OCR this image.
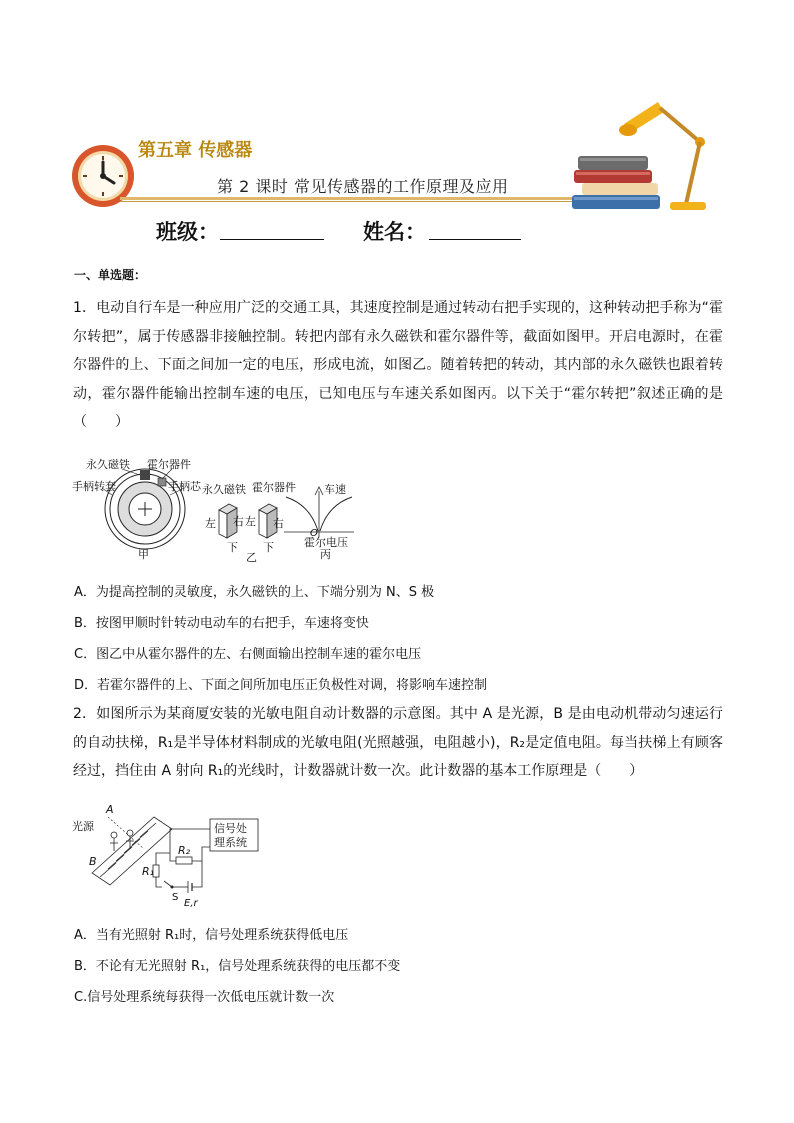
第五章 传感器
第 2 课时 常见传感器的工作原理及应用
班级：	姓名：
一、单选题：
1．电动自行车是一种应用广泛的交通工具，其速度控制是通过转动右把手实现的，这种转动把手称为“霍尔转把”，属于传感器非接触控制。转把内部有永久磁铁和霍尔器件等，截面如图甲。开启电源时，在霍尔器件的上、下面之间加一定的电压，形成电流，如图乙。随着转把的转动，其内部的永久磁铁也跟着转动，霍尔器件能输出控制车速的电压，已知电压与车速关系如图丙。以下关于“霍尔转把”叙述正确的是（　　）
永久磁铁 霍尔器件
手柄转套	手柄芯
甲
永久磁铁 霍尔器件
左 右 左 右
下 下
乙
车速
O
霍尔电压
丙
A．为提高控制的灵敏度，永久磁铁的上、下端分别为 N、S 极
B．按图甲顺时针转动电动车的右把手，车速将变快
C．图乙中从霍尔器件的左、右侧面输出控制车速的霍尔电压
D．若霍尔器件的上、下面之间所加电压正负极性对调，将影响车速控制
2．如图所示为某商厦安装的光敏电阻自动计数器的示意图。其中 A 是光源，B 是由电动机带动匀速运行的自动扶梯，R₁是半导体材料制成的光敏电阻(光照越强，电阻越小)，R₂是定值电阻。每当扶梯上有顾客经过，挡住由 A 射向 R₁的光线时，计数器就计数一次。此计数器的基本工作原理是（　　）
光源
A
B
信号处
理系统
R₂
R₁
S
E,r
A．当有光照射 R₁时，信号处理系统获得低电压
B．不论有无光照射 R₁，信号处理系统获得的电压都不变
C.信号处理系统每获得一次低电压就计数一次
